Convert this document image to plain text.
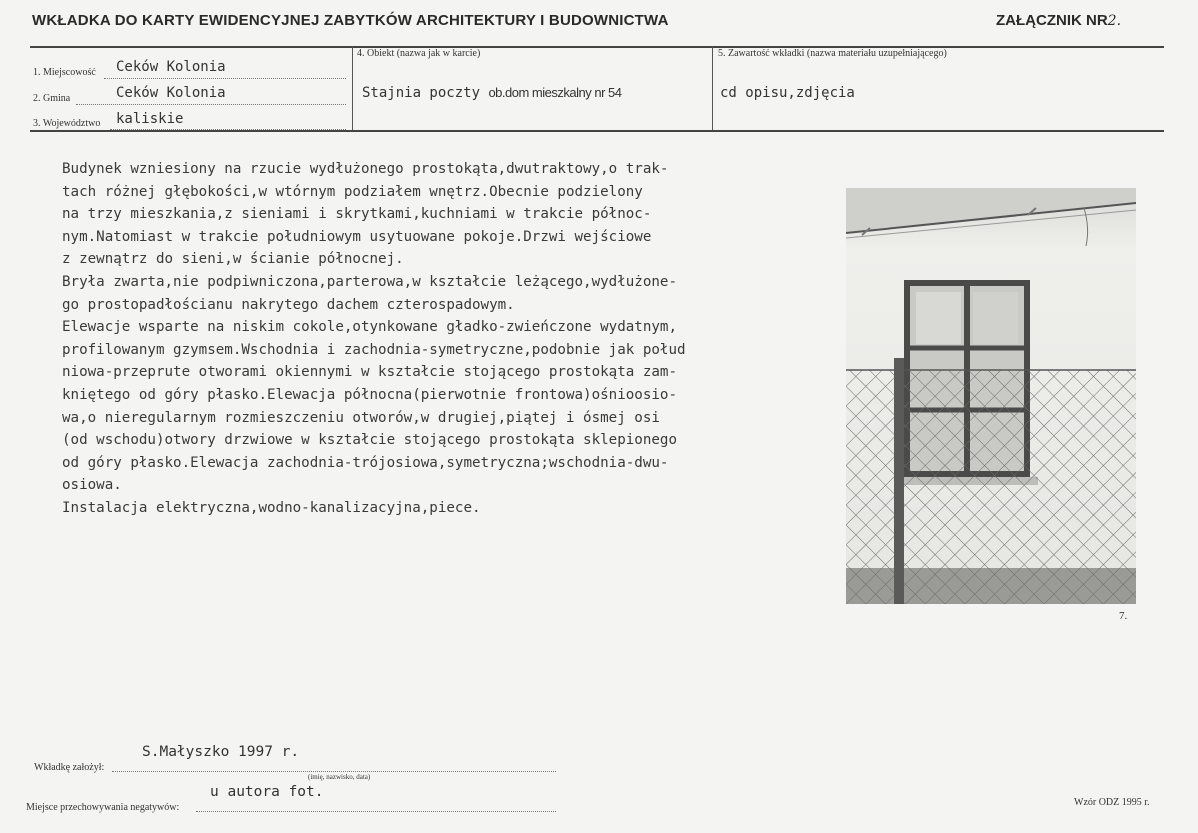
WKŁADKA DO KARTY EWIDENCYJNEJ ZABYTKÓW ARCHITEKTURY I BUDOWNICTWA	ZAŁĄCZNIK NR2.
1. Miejscowość Ceków Kolonia
2. Gmina	Ceków Kolonia
3. Województwo kaliskie
4. Obiekt (nazwa jak w karcie)
Stajnia poczty ob.dom mieszkalny nr 54
5. Zawartość wkładki (nazwa materiału uzupełniającego)
cd opisu,zdjęcia
Budynek wzniesiony na rzucie wydłużonego prostokąta,dwutraktowy,o trak-
tach różnej głębokości,w wtórnym podziałem wnętrz.Obecnie podzielony
na trzy mieszkania,z sieniami i skrytkami,kuchniami w trakcie północ-
nym.Natomiast w trakcie południowym usytuowane pokoje.Drzwi wejściowe
z zewnątrz do sieni,w ścianie północnej.
Bryła zwarta,nie podpiwniczona,parterowa,w kształcie leżącego,wydłużone-
go prostopadłościanu nakrytego dachem czterospadowym.
Elewacje wsparte na niskim cokole,otynkowane gładko-zwieńczone wydatnym,
profilowanym gzymsem.Wschodnia i zachodnia-symetryczne,podobnie jak połud
niowa-przeprute otworami okiennymi w kształcie stojącego prostokąta zam-
kniętego od góry płasko.Elewacja północna(pierwotnie frontowa)ośnioosio-
wa,o nieregularnym rozmieszczeniu otworów,w drugiej,piątej i ósmej osi
(od wschodu)otwory drzwiowe w kształcie stojącego prostokąta sklepionego
od góry płasko.Elewacja zachodnia-trójosiowa,symetryczna;wschodnia-dwu-
osiowa.
Instalacja elektryczna,wodno-kanalizacyjna,piece.
7.
Wkładkę założył:
S.Małyszko 1997 r.
(imię, nazwisko, data)
Miejsce przechowywania negatywów:
u autora fot.
Wzór ODZ 1995 r.
